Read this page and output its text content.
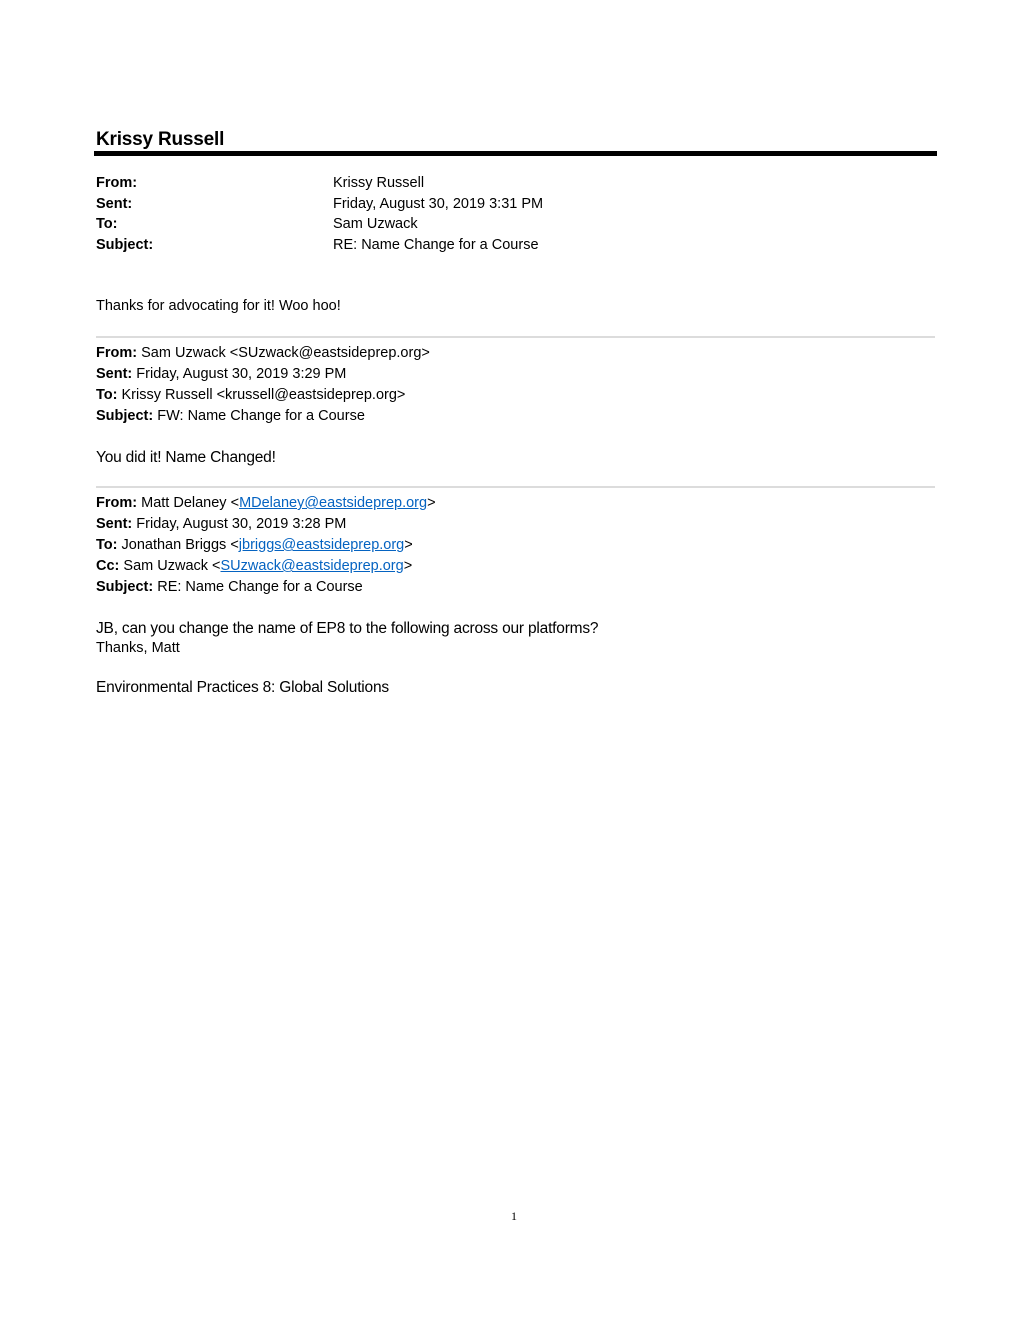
Krissy Russell
From:	Krissy Russell
Sent:	Friday, August 30, 2019 3:31 PM
To:	Sam Uzwack
Subject:	RE: Name Change for a Course
Thanks for advocating for it! Woo hoo!
From: Sam Uzwack <SUzwack@eastsideprep.org>
Sent: Friday, August 30, 2019 3:29 PM
To: Krissy Russell <krussell@eastsideprep.org>
Subject: FW: Name Change for a Course
You did it! Name Changed!
From: Matt Delaney <MDelaney@eastsideprep.org>
Sent: Friday, August 30, 2019 3:28 PM
To: Jonathan Briggs <jbriggs@eastsideprep.org>
Cc: Sam Uzwack <SUzwack@eastsideprep.org>
Subject: RE: Name Change for a Course
JB, can you change the name of EP8 to the following across our platforms?
Thanks, Matt
Environmental Practices 8: Global Solutions
1
